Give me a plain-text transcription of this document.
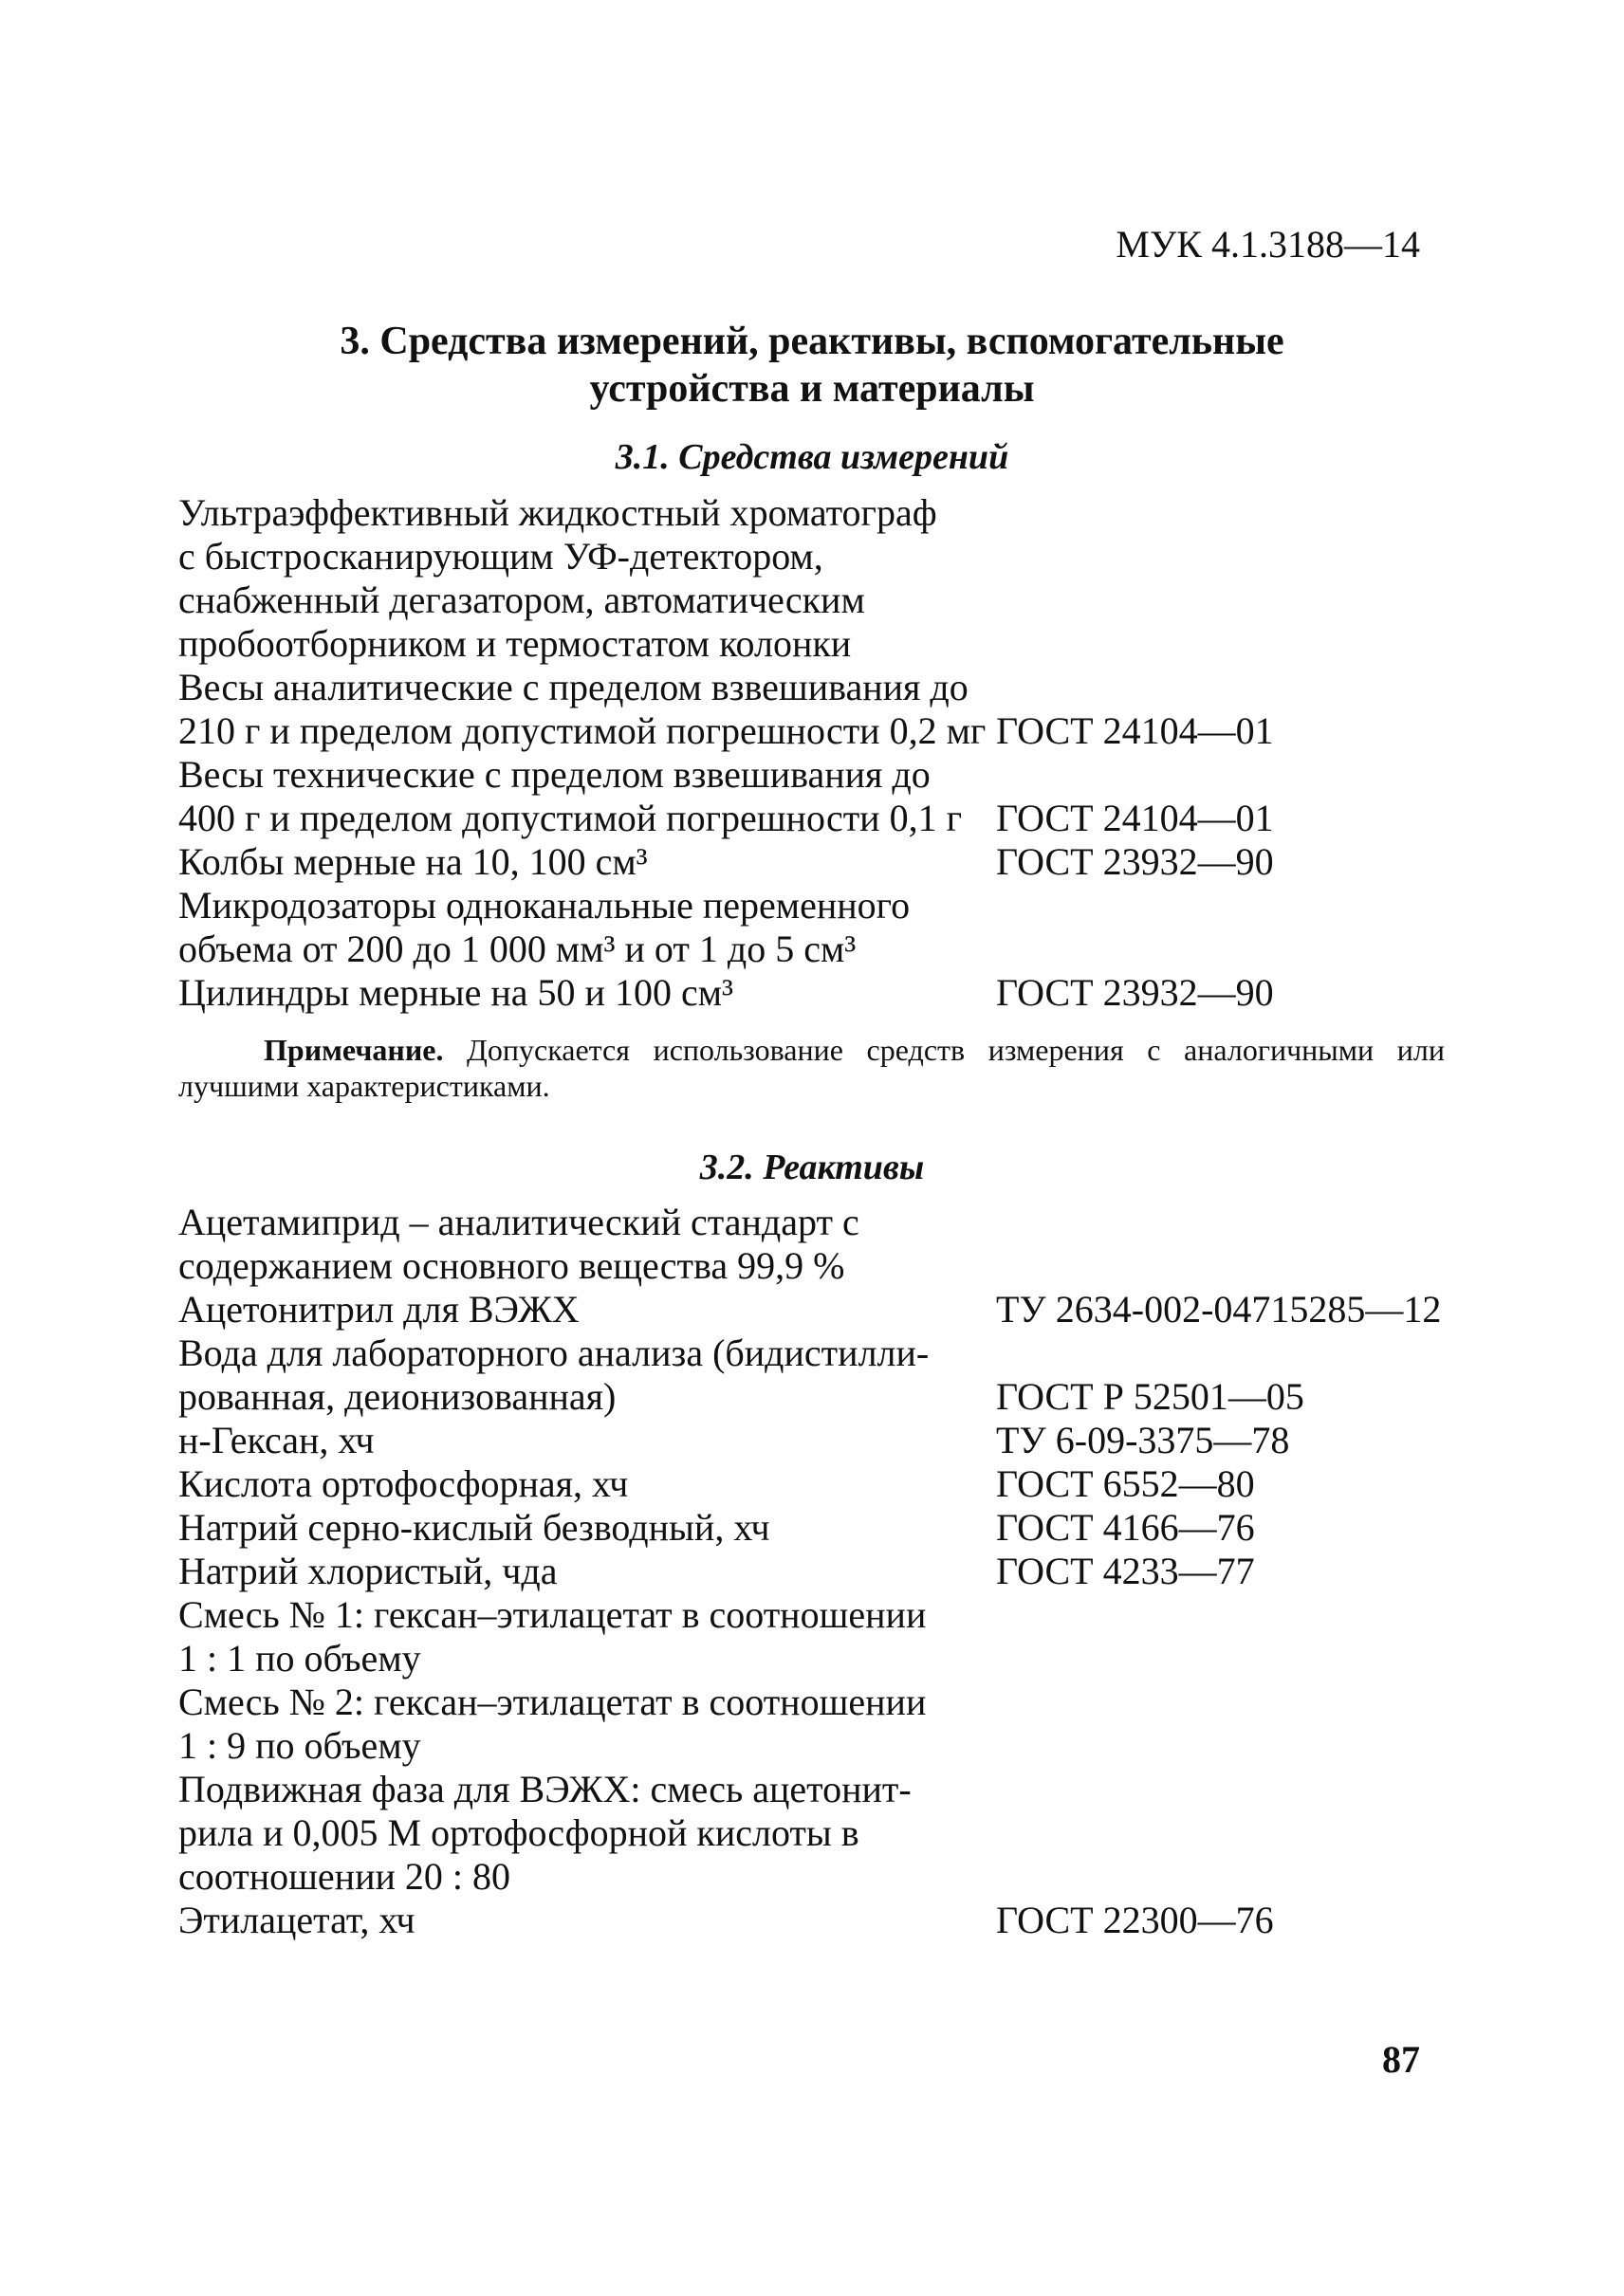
МУК 4.1.3188—14
3. Средства измерений, реактивы, вспомогательные
устройства и материалы
3.1. Средства измерений
Ультраэффективный жидкостный хроматограф
с быстросканирующим УФ-детектором,
снабженный дегазатором, автоматическим
пробоотборником и термостатом колонки
Весы аналитические с пределом взвешивания до
210 г и пределом допустимой погрешности 0,2 мг ГОСТ 24104—01
Весы технические с пределом взвешивания до
400 г и пределом допустимой погрешности 0,1 г ГОСТ 24104—01
Колбы мерные на 10, 100 см³	ГОСТ 23932—90
Микродозаторы одноканальные переменного
объема от 200 до 1 000 мм³ и от 1 до 5 см³
Цилиндры мерные на 50 и 100 см³	ГОСТ 23932—90
Примечание. Допускается использование средств измерения с аналогичными или лучшими характеристиками.
3.2. Реактивы
Ацетамиприд – аналитический стандарт с
содержанием основного вещества 99,9 %
Ацетонитрил для ВЭЖХ	ТУ 2634-002-04715285—12
Вода для лабораторного анализа (бидистилли-
рованная, деионизованная)	ГОСТ Р 52501—05
н-Гексан, хч	ТУ 6-09-3375—78
Кислота ортофосфорная, хч	ГОСТ 6552—80
Натрий серно-кислый безводный, хч	ГОСТ 4166—76
Натрий хлористый, чда	ГОСТ 4233—77
Смесь № 1: гексан–этилацетат в соотношении
1 : 1 по объему
Смесь № 2: гексан–этилацетат в соотношении
1 : 9 по объему
Подвижная фаза для ВЭЖХ: смесь ацетонит-
рила и 0,005 М ортофосфорной кислоты в
соотношении 20 : 80
Этилацетат, хч	ГОСТ 22300—76
87
